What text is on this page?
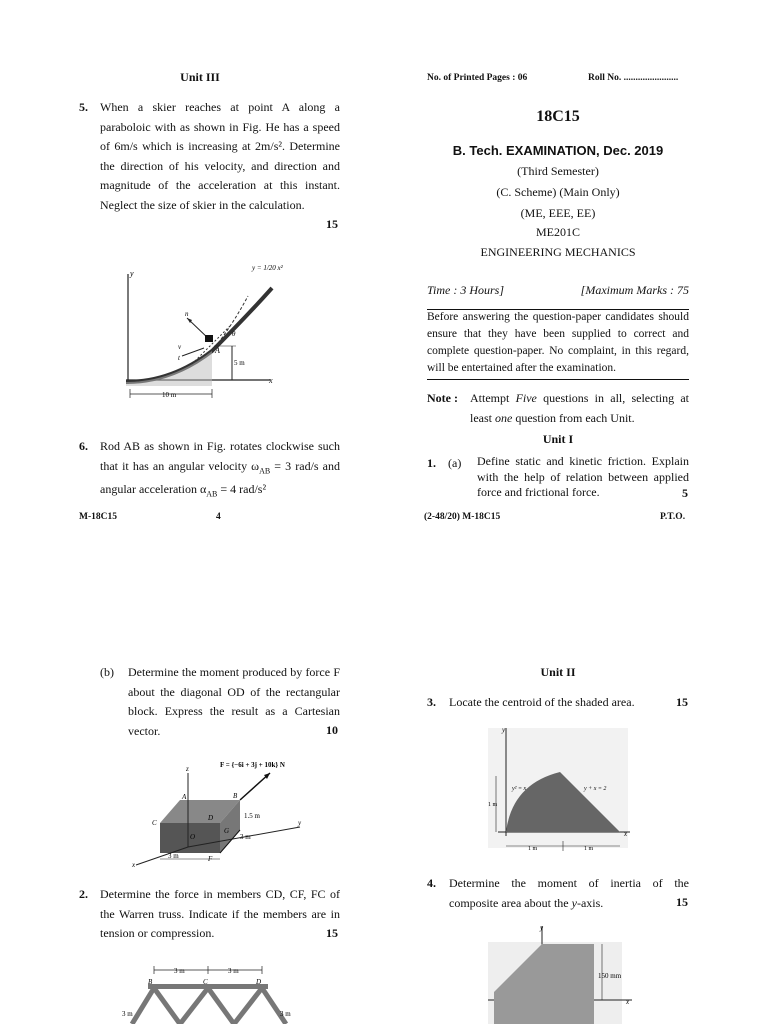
Unit III
5. When a skier reaches at point A along a paraboloic with as shown in Fig. He has a speed of 6m/s which is increasing at 2m/s². Determine the direction of his velocity, and direction and magnitude of the acceleration at this instant. Neglect the size of skier in the calculation.
15
y
x
A
n
t
v
θ
5 m
10 m
y = 1/20 x²
6. Rod AB as shown in Fig. rotates clockwise such that it has an angular velocity $\omega_{AB} = 3$ rad/s and angular acceleration $\alpha_{AB} = 4$ rad/s²
M-18C15	4
No. of Printed Pages : 06	Roll No. .......................
18C15
B. Tech. EXAMINATION, Dec. 2019
(Third Semester)
(C. Scheme) (Main Only)
(ME, EEE, EE)
ME201C
ENGINEERING MECHANICS
Time : 3 Hours]	[Maximum Marks : 75
Before answering the question-paper candidates should ensure that they have been supplied to correct and complete question-paper. No complaint, in this regard, will be entertained after the examination.
Note : Attempt Five questions in all, selecting at least one question from each Unit.
Unit I
1. (a) Define static and kinetic friction. Explain with the help of relation between applied force and frictional force.	5
(2-48/20) M-18C15	P.T.O.
(b) Determine the moment produced by force F about the diagonal OD of the rectangular block. Express the result as a Cartesian vector.	10
F = {−6i + 3j + 10k} N
z
y
x
A	B
C
D
O
G
F
1.5 m
3 m
3 m
2. Determine the force in members CD, CF, FC of the Warren truss. Indicate if the members are in tension or compression.	15
3 m	3 m
3 m	3 m
B	C	D
Unit II
3. Locate the centroid of the shaded area.	15
y
x
y² = x	y + x = 2
1 m
1 m	1 m
4. Determine the moment of inertia of the composite area about the y-axis.	15
y
x
150 mm
